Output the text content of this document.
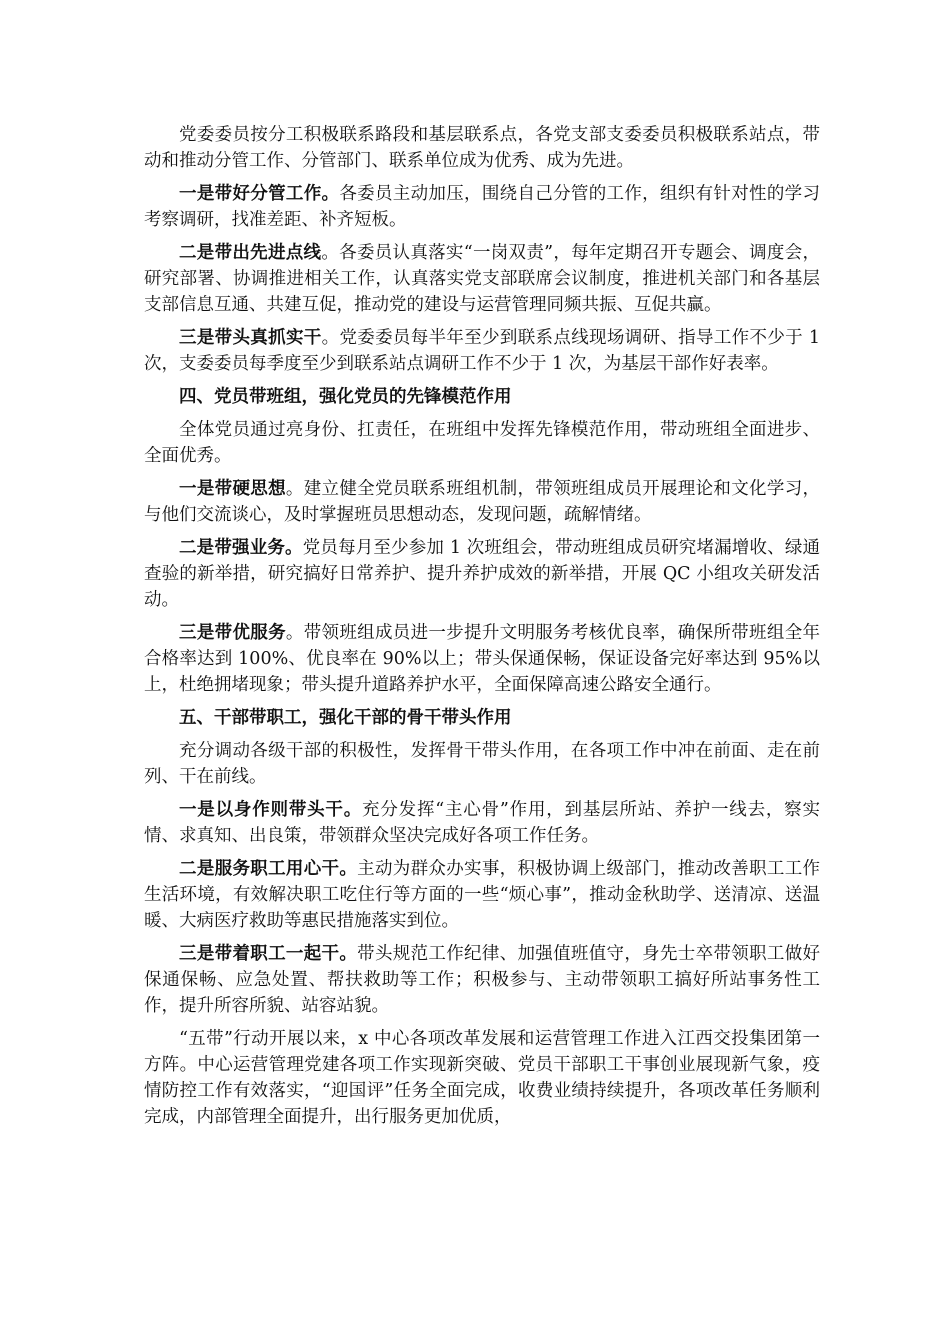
党委委员按分工积极联系路段和基层联系点，各党支部支委委员积极联系站点，带动和推动分管工作、分管部门、联系单位成为优秀、成为先进。

一是带好分管工作。各委员主动加压，围绕自己分管的工作，组织有针对性的学习考察调研，找准差距、补齐短板。

二是带出先进点线。各委员认真落实“一岗双责”，每年定期召开专题会、调度会，研究部署、协调推进相关工作，认真落实党支部联席会议制度，推进机关部门和各基层支部信息互通、共建互促，推动党的建设与运营管理同频共振、互促共赢。

三是带头真抓实干。党委委员每半年至少到联系点线现场调研、指导工作不少于 1 次，支委委员每季度至少到联系站点调研工作不少于 1 次，为基层干部作好表率。

四、党员带班组，强化党员的先锋模范作用

全体党员通过亮身份、扛责任，在班组中发挥先锋模范作用，带动班组全面进步、全面优秀。

一是带硬思想。建立健全党员联系班组机制，带领班组成员开展理论和文化学习，与他们交流谈心，及时掌握班员思想动态，发现问题，疏解情绪。

二是带强业务。党员每月至少参加 1 次班组会，带动班组成员研究堵漏增收、绿通查验的新举措，研究搞好日常养护、提升养护成效的新举措，开展 QC 小组攻关研发活动。

三是带优服务。带领班组成员进一步提升文明服务考核优良率，确保所带班组全年合格率达到 100%、优良率在 90%以上；带头保通保畅，保证设备完好率达到 95%以上，杜绝拥堵现象；带头提升道路养护水平，全面保障高速公路安全通行。

五、干部带职工，强化干部的骨干带头作用

充分调动各级干部的积极性，发挥骨干带头作用，在各项工作中冲在前面、走在前列、干在前线。

一是以身作则带头干。充分发挥“主心骨”作用，到基层所站、养护一线去，察实情、求真知、出良策，带领群众坚决完成好各项工作任务。

二是服务职工用心干。主动为群众办实事，积极协调上级部门，推动改善职工工作生活环境，有效解决职工吃住行等方面的一些“烦心事”，推动金秋助学、送清凉、送温暖、大病医疗救助等惠民措施落实到位。

三是带着职工一起干。带头规范工作纪律、加强值班值守，身先士卒带领职工做好保通保畅、应急处置、帮扶救助等工作；积极参与、主动带领职工搞好所站事务性工作，提升所容所貌、站容站貌。

“五带”行动开展以来，x 中心各项改革发展和运营管理工作进入江西交投集团第一方阵。中心运营管理党建各项工作实现新突破、党员干部职工干事创业展现新气象，疫情防控工作有效落实，“迎国评”任务全面完成，收费业绩持续提升，各项改革任务顺利完成，内部管理全面提升，出行服务更加优质，
